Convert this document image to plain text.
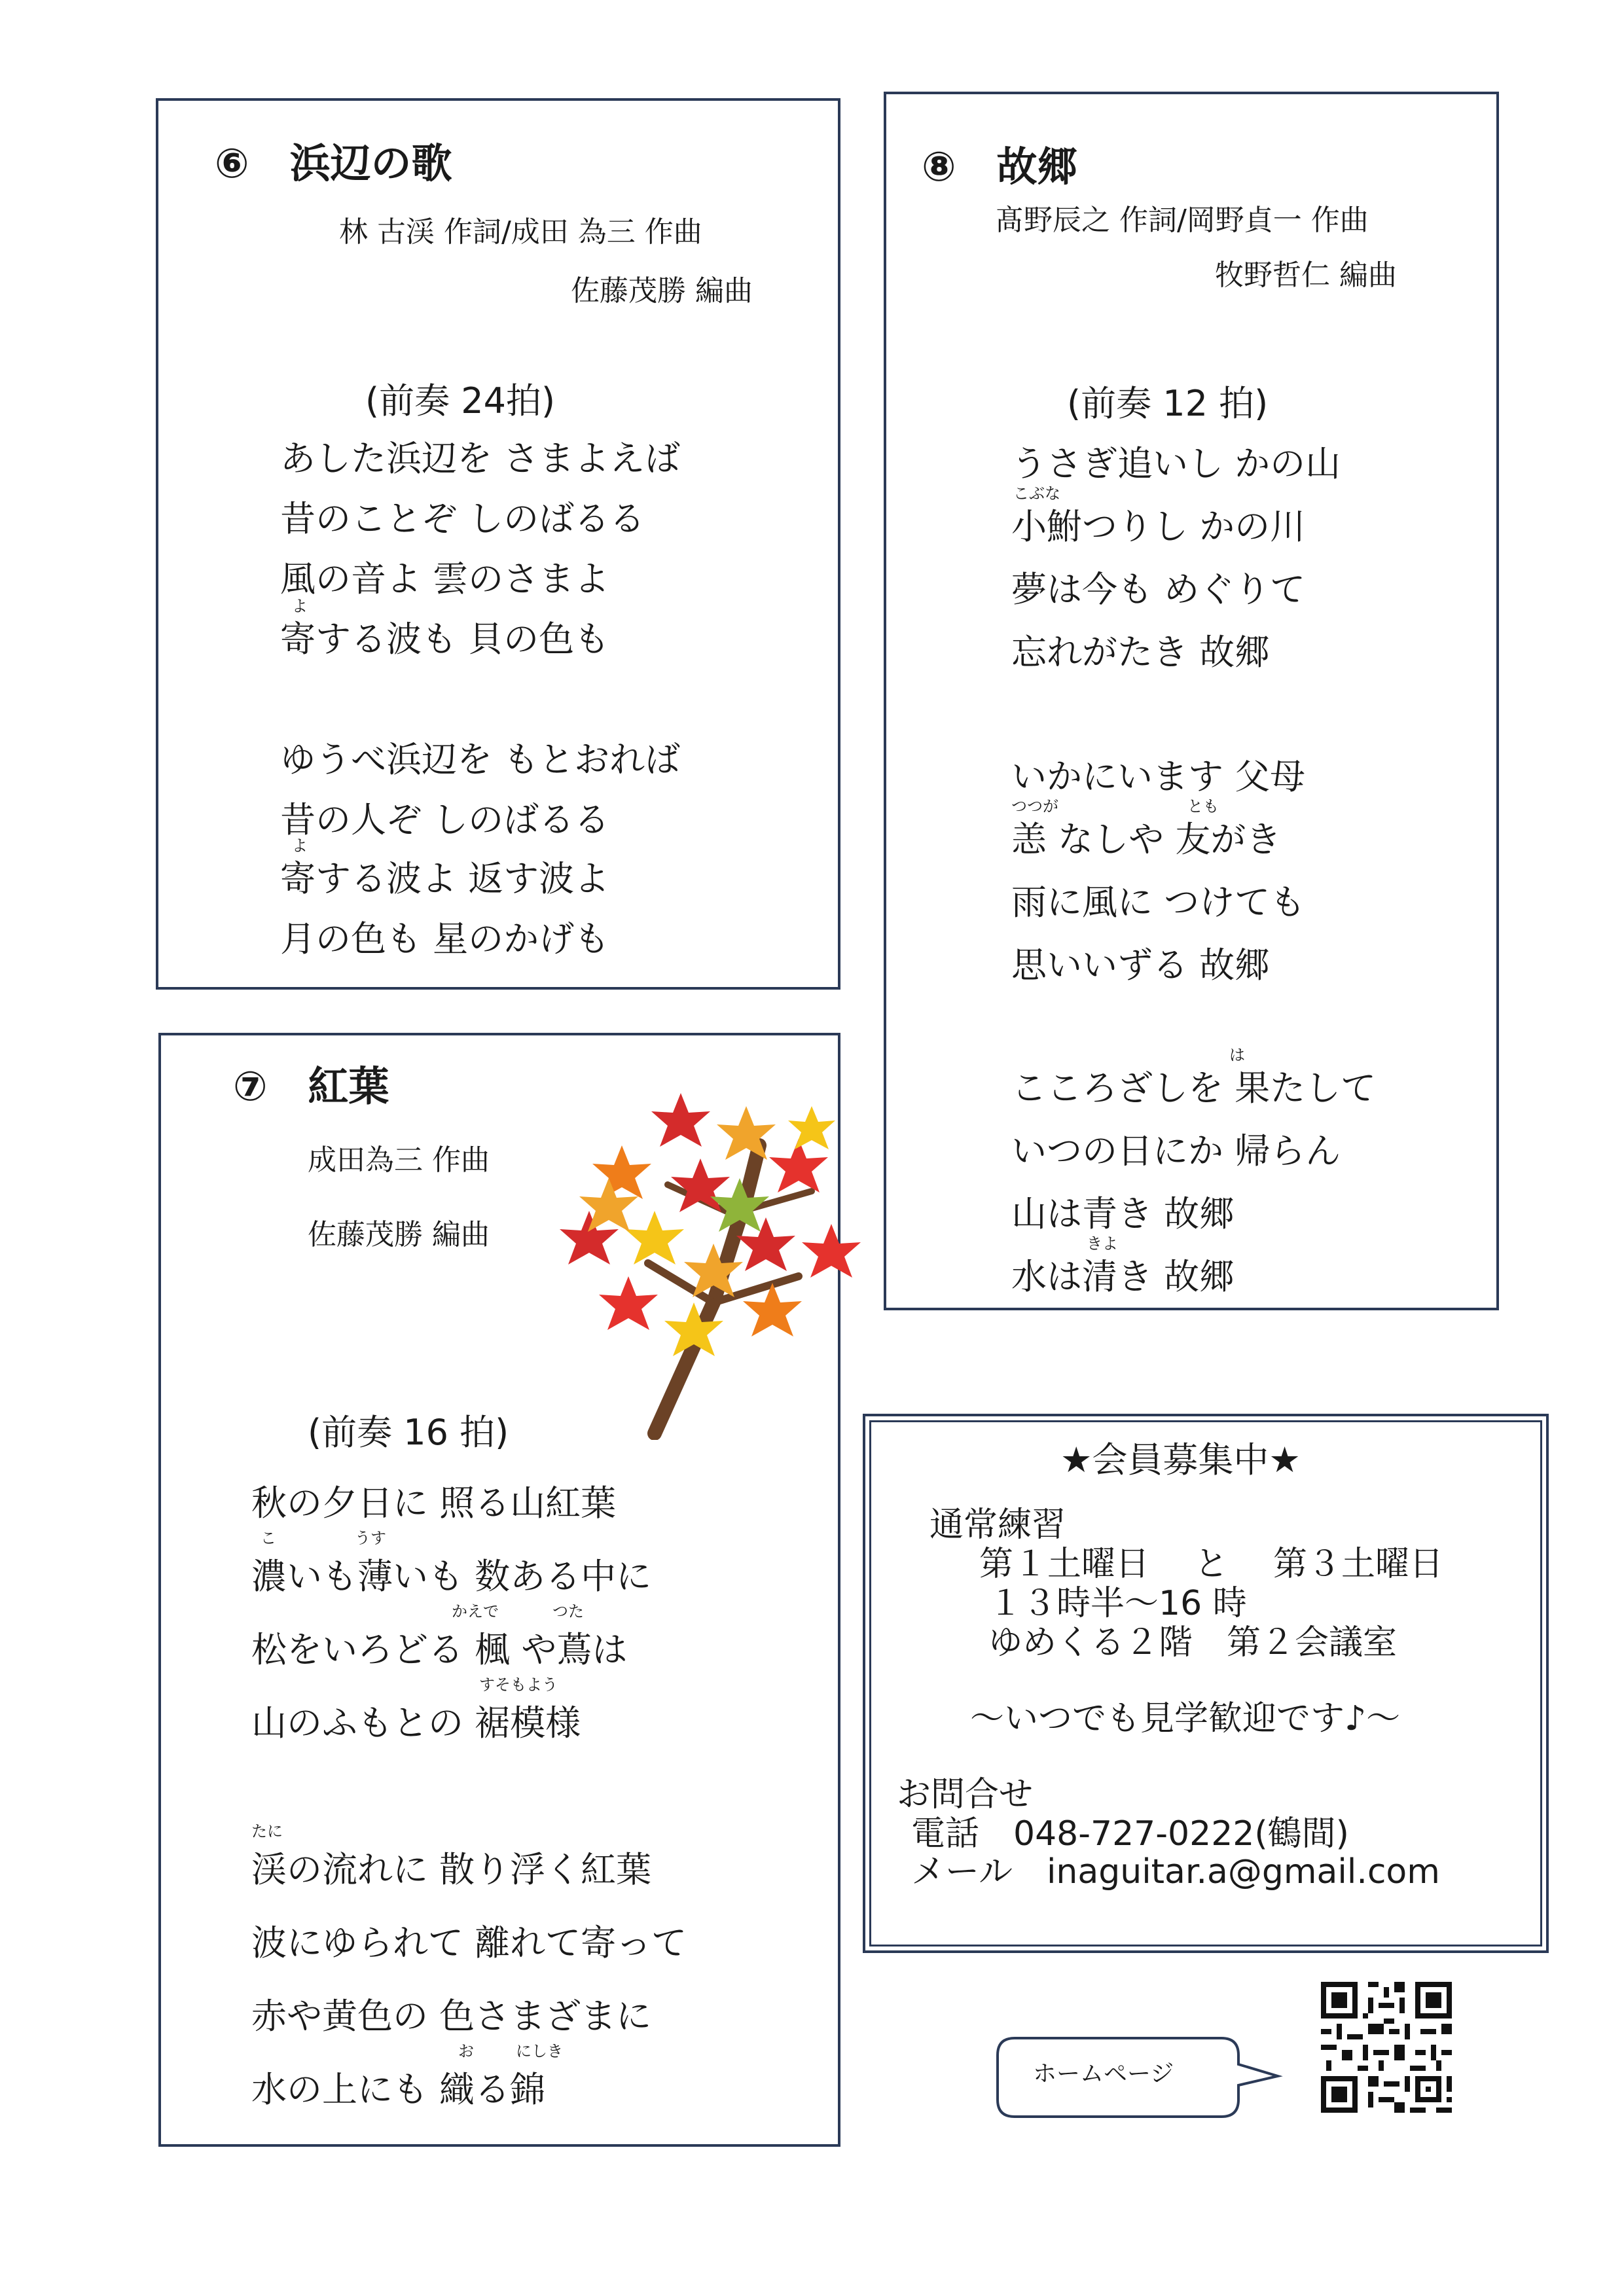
⑥　浜辺の歌
林 古渓 作詞/成田 為三 作曲
佐藤茂勝 編曲
(前奏 24拍)
あした浜辺を さまよえば
昔のことぞ しのばるる
風の音よ 雲のさまよ
よ
寄する波も 貝の色も
ゆうべ浜辺を もとおれば
昔の人ぞ しのばるる
よ
寄する波よ 返す波よ
月の色も 星のかげも
⑦　紅葉
成田為三 作曲
佐藤茂勝 編曲
(前奏 16 拍)
秋の夕日に 照る山紅葉
こ	うす
濃いも薄いも 数ある中に
かえで	つた
松をいろどる 楓 や蔦は
すそもよう
山のふもとの 裾模様
たに
渓の流れに 散り浮く紅葉
波にゆられて 離れて寄って
赤や黄色の 色さまざまに
お	にしき
水の上にも 織る錦
⑧　故郷
髙野辰之 作詞/岡野貞一 作曲
牧野哲仁 編曲
(前奏 12 拍)
うさぎ追いし かの山
こぶな
小鮒つりし かの川
夢は今も めぐりて
忘れがたき 故郷
いかにいます 父母
つつが	とも
恙 なしや 友がき
雨に風に つけても
思いいずる 故郷
は
こころざしを 果たして
いつの日にか 帰らん
山は青き 故郷
きよ
水は清き 故郷
★会員募集中★
通常練習
第１土曜日　 と　 第３土曜日
１３時半～16 時
ゆめくる２階　第２会議室
～いつでも見学歓迎です♪～
お問合せ
電話　048-727-0222(鶴間)
メール　inaguitar.a@gmail.com
ホームページ
